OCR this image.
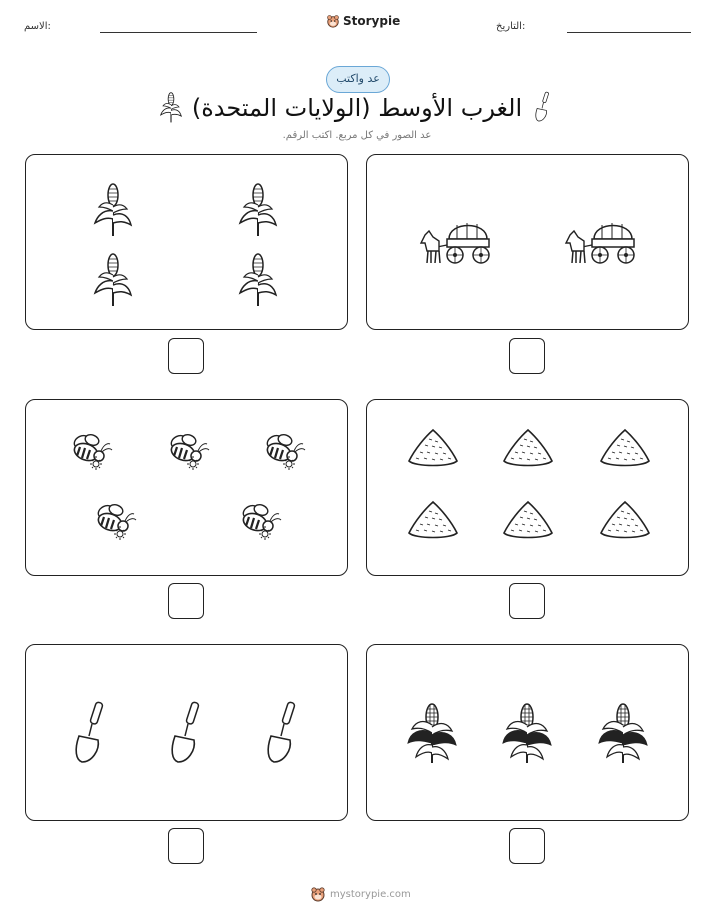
الاسم:	Storypie	التاريخ:
عد واكتب
الغرب الأوسط (الولايات المتحدة)
عد الصور في كل مربع. اكتب الرقم.
mystorypie.com
